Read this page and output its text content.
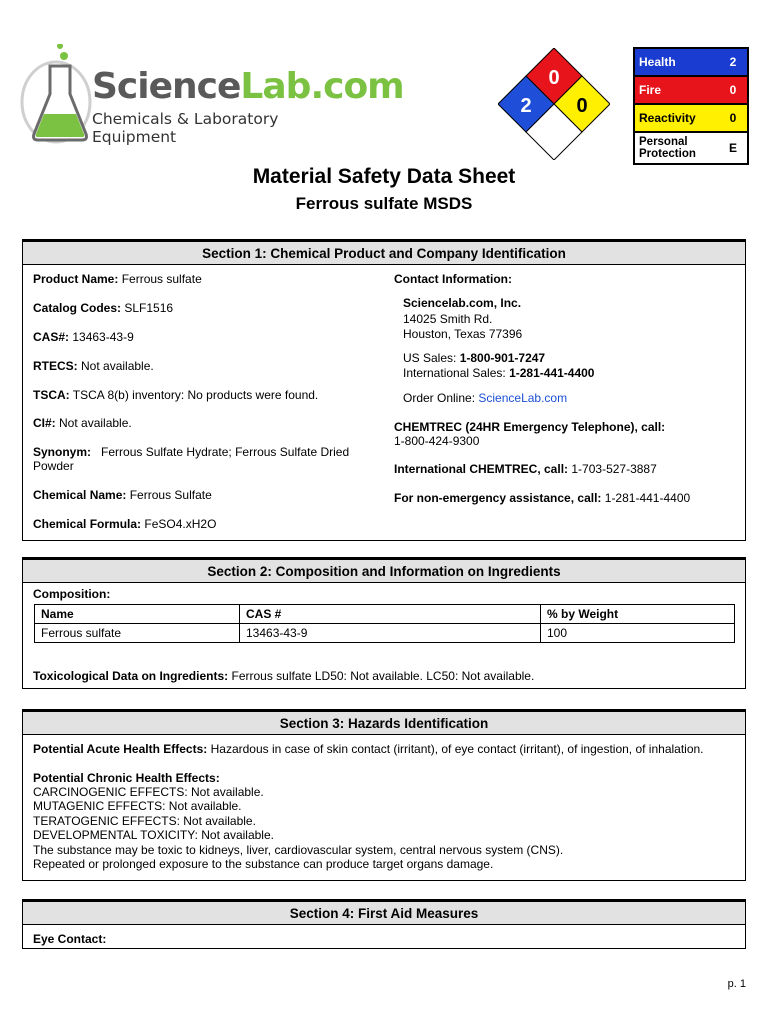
ScienceLab.com
Chemicals & Laboratory Equipment
0
2 0
Health	2
Fire	0
Reactivity	0
Personal Protection	E
Material Safety Data Sheet
Ferrous sulfate MSDS
Section 1: Chemical Product and Company Identification
Product Name: Ferrous sulfate
Catalog Codes: SLF1516
CAS#: 13463-43-9
RTECS: Not available.
TSCA: TSCA 8(b) inventory: No products were found.
CI#: Not available.
Synonym: Ferrous Sulfate Hydrate; Ferrous Sulfate Dried
Powder
Chemical Name: Ferrous Sulfate
Chemical Formula: FeSO4.xH2O
Contact Information:
Sciencelab.com, Inc.
14025 Smith Rd.
Houston, Texas 77396
US Sales: 1-800-901-7247
International Sales: 1-281-441-4400
Order Online: ScienceLab.com
CHEMTREC (24HR Emergency Telephone), call:
1-800-424-9300
International CHEMTREC, call: 1-703-527-3887
For non-emergency assistance, call: 1-281-441-4400
Section 2: Composition and Information on Ingredients
Composition:
Name	CAS #	% by Weight
Ferrous sulfate	13463-43-9	100
Toxicological Data on Ingredients: Ferrous sulfate LD50: Not available. LC50: Not available.
Section 3: Hazards Identification
Potential Acute Health Effects: Hazardous in case of skin contact (irritant), of eye contact (irritant), of ingestion, of inhalation.
Potential Chronic Health Effects:
CARCINOGENIC EFFECTS: Not available.
MUTAGENIC EFFECTS: Not available.
TERATOGENIC EFFECTS: Not available.
DEVELOPMENTAL TOXICITY: Not available.
The substance may be toxic to kidneys, liver, cardiovascular system, central nervous system (CNS).
Repeated or prolonged exposure to the substance can produce target organs damage.
Section 4: First Aid Measures
Eye Contact:
p. 1
